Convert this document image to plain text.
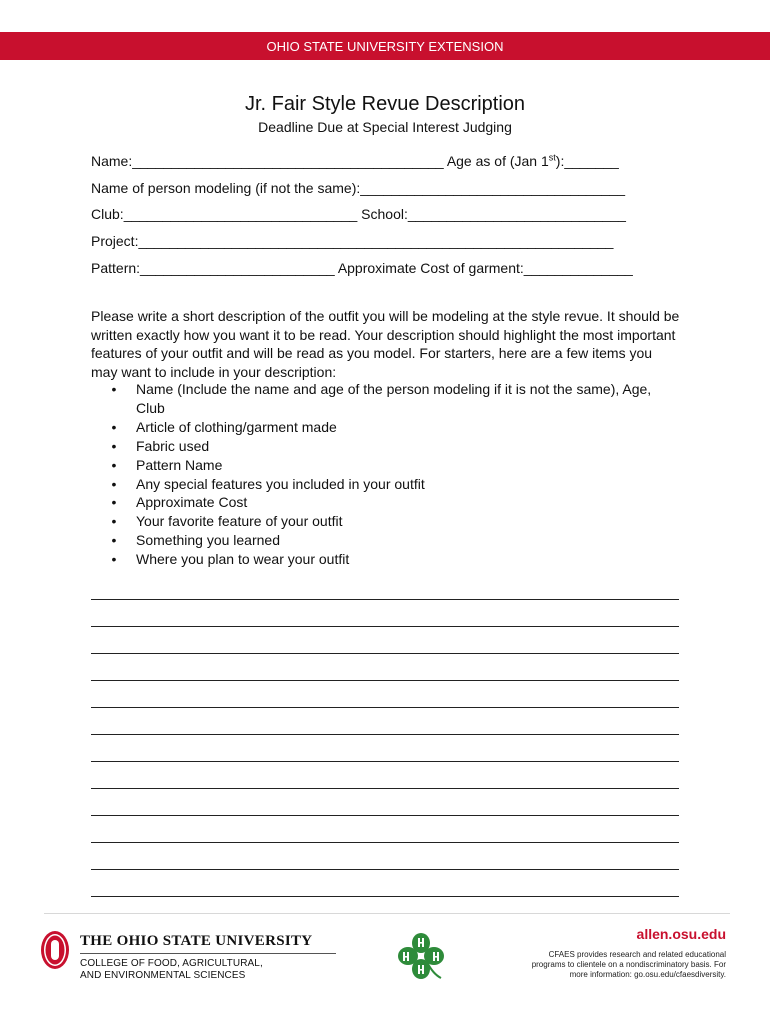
OHIO STATE UNIVERSITY EXTENSION
Jr. Fair Style Revue Description
Deadline Due at Special Interest Judging
Name:________________________________________ Age as of (Jan 1st):_______
Name of person modeling (if not the same):__________________________________
Club:______________________________ School:____________________________
Project:_____________________________________________________________
Pattern:_________________________ Approximate Cost of garment:______________

Please write a short description of the outfit you will be modeling at the style revue. It should be written exactly how you want it to be read. Your description should highlight the most important features of your outfit and will be read as you model. For starters, here are a few items you may want to include in your description:

• Name (Include the name and age of the person modeling if it is not the same), Age, Club
• Article of clothing/garment made
• Fabric used
• Pattern Name
• Any special features you included in your outfit
• Approximate Cost
• Your favorite feature of your outfit
• Something you learned
• Where you plan to wear your outfit
THE OHIO STATE UNIVERSITY
COLLEGE OF FOOD, AGRICULTURAL,
AND ENVIRONMENTAL SCIENCES
allen.osu.edu
CFAES provides research and related educational
programs to clientele on a nondiscriminatory basis. For
more information: go.osu.edu/cfaesdiversity.
